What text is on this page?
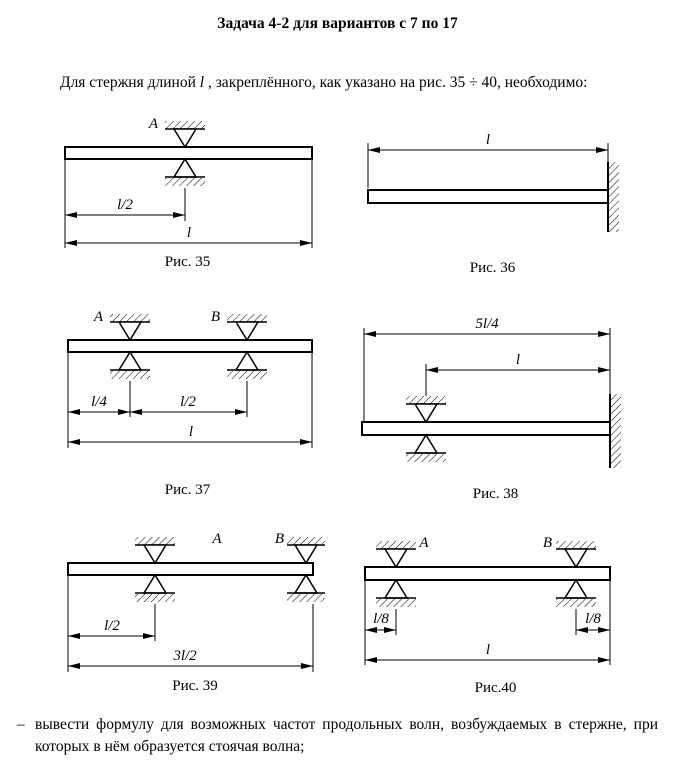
Задача 4-2 для вариантов с 7 по 17
Для стержня длиной l , закреплённого, как указано на рис. 35 ÷ 40, необходимо:
A
l/2
l
Рис. 35
l
Рис. 36
A	B
l/4	l/2
l
Рис. 37
5l/4
l
Рис. 38
A	B
l/2
3l/2
Рис. 39
A	B
l/8	l/8
l
Рис.40
– вывести формулу для возможных частот продольных волн, возбуждаемых в стержне, при которых в нём образуется стоячая волна;
